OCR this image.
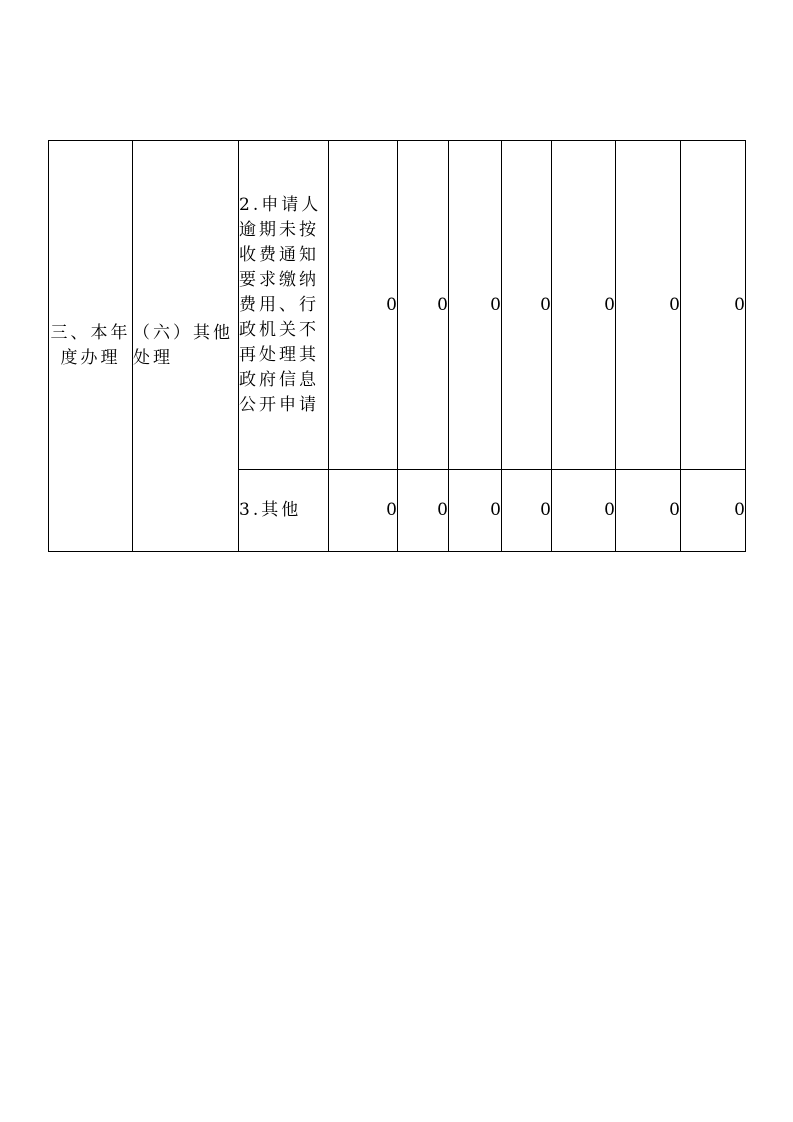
三、本年度办理	（六）其他处理	2.申请人逾期未按收费通知要求缴纳费用、行政机关不再处理其政府信息公开申请	0	0	0	0	0	0	0
		3.其他	0	0	0	0	0	0	0
